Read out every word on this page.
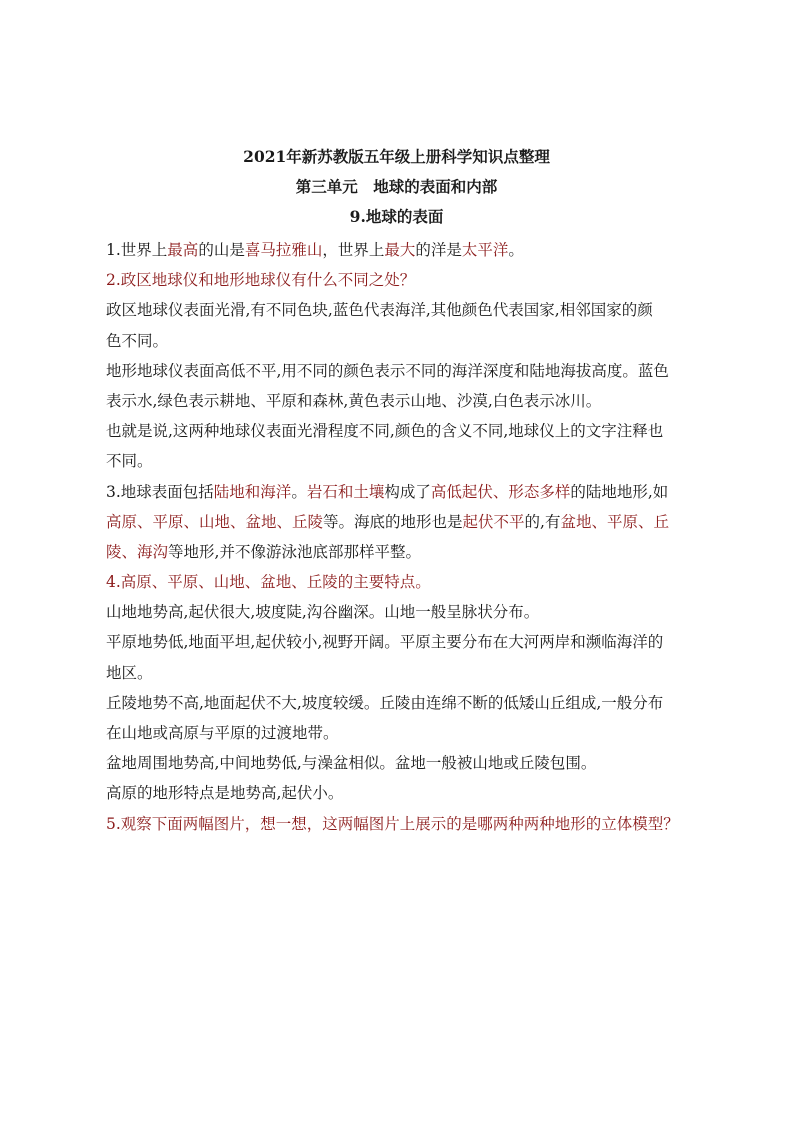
2021年新苏教版五年级上册科学知识点整理
第三单元　地球的表面和内部
9.地球的表面
1.世界上最高的山是喜马拉雅山，世界上最大的洋是太平洋。
2.政区地球仪和地形地球仪有什么不同之处？
政区地球仪表面光滑,有不同色块,蓝色代表海洋,其他颜色代表国家,相邻国家的颜
色不同。
地形地球仪表面高低不平,用不同的颜色表示不同的海洋深度和陆地海拔高度。蓝色
表示水,绿色表示耕地、平原和森林,黄色表示山地、沙漠,白色表示冰川。
也就是说,这两种地球仪表面光滑程度不同,颜色的含义不同,地球仪上的文字注释也
不同。
3.地球表面包括陆地和海洋。岩石和土壤构成了高低起伏、形态多样的陆地地形,如
高原、平原、山地、盆地、丘陵等。海底的地形也是起伏不平的,有盆地、平原、丘
陵、海沟等地形,并不像游泳池底部那样平整。
4.高原、平原、山地、盆地、丘陵的主要特点。
山地地势高,起伏很大,坡度陡,沟谷幽深。山地一般呈脉状分布。
平原地势低,地面平坦,起伏较小,视野开阔。平原主要分布在大河两岸和濒临海洋的
地区。
丘陵地势不高,地面起伏不大,坡度较缓。丘陵由连绵不断的低矮山丘组成,一般分布
在山地或高原与平原的过渡地带。
盆地周围地势高,中间地势低,与澡盆相似。盆地一般被山地或丘陵包围。
高原的地形特点是地势高,起伏小。
5.观察下面两幅图片，想一想，这两幅图片上展示的是哪两种两种地形的立体模型？
